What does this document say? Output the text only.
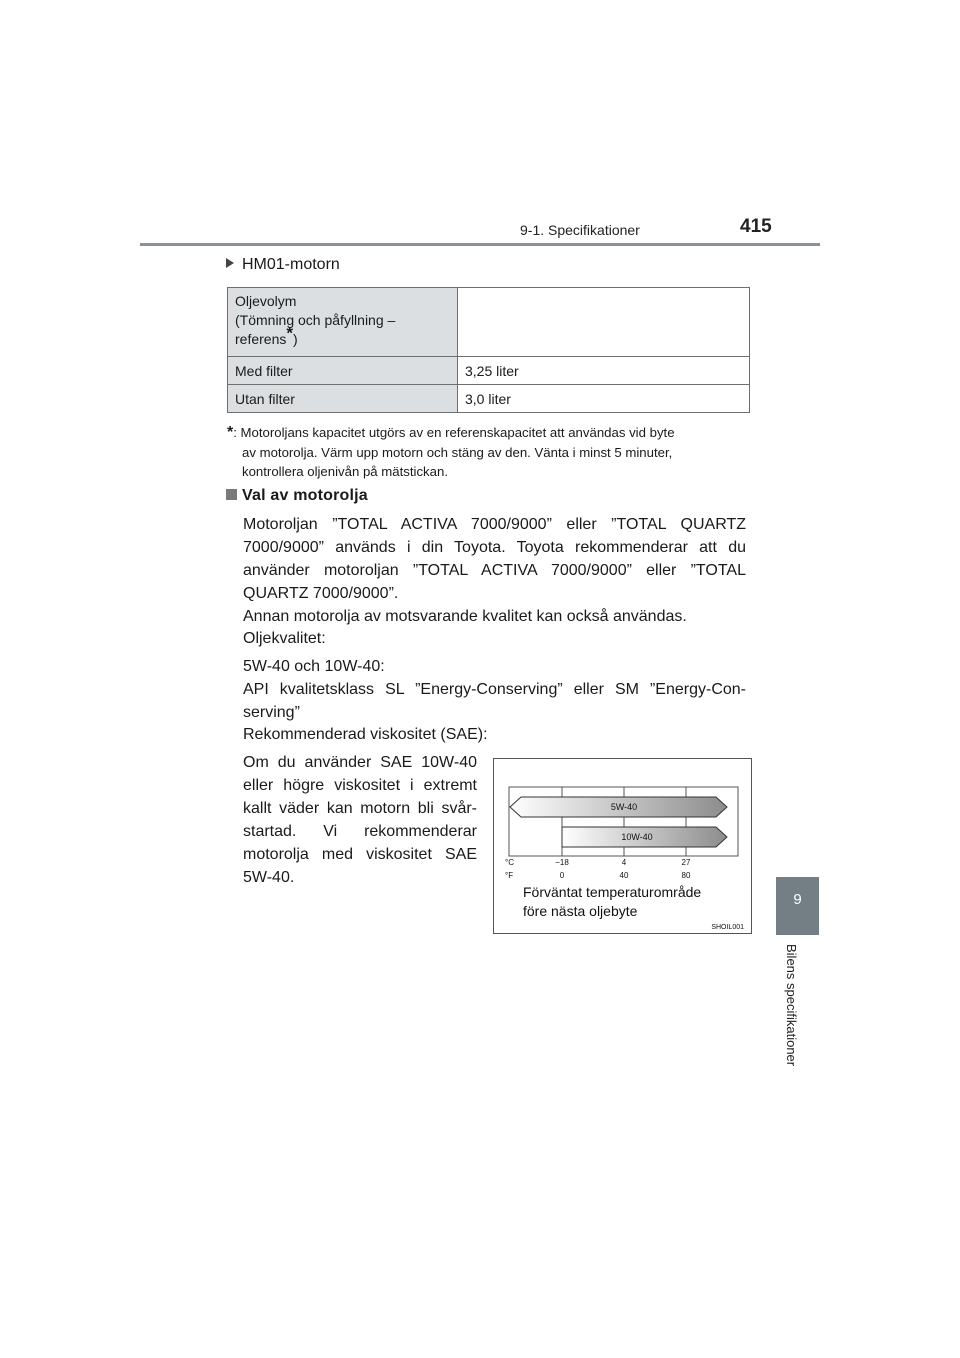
9-1. Specifikationer	415
9
Bilens specifikationer
HM01-motorn
Oljevolym
(Tömning och påfyllning –
referens*)	
Med filter	3,25 liter
Utan filter	3,0 liter
*: Motoroljans kapacitet utgörs av en referenskapacitet att användas vid byte
av motorolja. Värm upp motorn och stäng av den. Vänta i minst 5 minuter,
kontrollera oljenivån på mätstickan.
Val av motorolja
Motoroljan ”TOTAL ACTIVA 7000/9000” eller ”TOTAL QUARTZ
7000/9000” används i din Toyota. Toyota rekommenderar att du
använder motoroljan ”TOTAL ACTIVA 7000/9000” eller ”TOTAL
QUARTZ 7000/9000”.
Annan motorolja av motsvarande kvalitet kan också användas.
Oljekvalitet:
5W-40 och 10W-40:
API kvalitetsklass SL ”Energy-Conserving” eller SM ”Energy-Con-
serving”
Rekommenderad viskositet (SAE):
Om du använder SAE 10W-40
eller högre viskositet i extremt
kallt väder kan motorn bli svår-
startad. Vi rekommenderar
motorolja med viskositet SAE
5W-40.
5W-40
10W-40
°C
°F
−18	4	27
0	40	80
Förväntat temperaturområde
före nästa oljebyte
SHOIL001
